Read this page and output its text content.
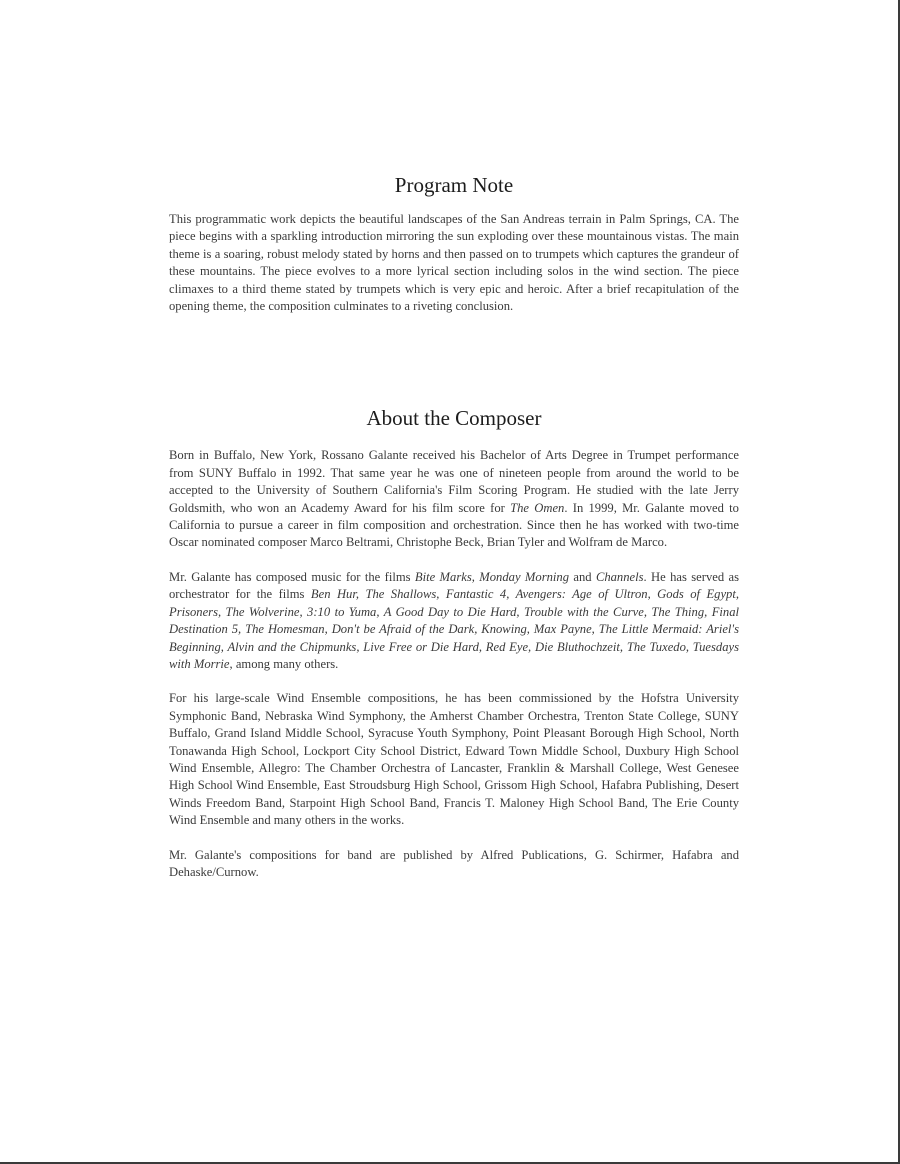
Program Note

This programmatic work depicts the beautiful landscapes of the San Andreas terrain in Palm Springs, CA. The piece begins with a sparkling introduction mirroring the sun exploding over these mountainous vistas. The main theme is a soaring, robust melody stated by horns and then passed on to trumpets which captures the grandeur of these mountains. The piece evolves to a more lyrical section including solos in the wind section. The piece climaxes to a third theme stated by trumpets which is very epic and heroic. After a brief recapitulation of the opening theme, the composition culminates to a riveting conclusion.

About the Composer

Born in Buffalo, New York, Rossano Galante received his Bachelor of Arts Degree in Trumpet performance from SUNY Buffalo in 1992. That same year he was one of nineteen people from around the world to be accepted to the University of Southern California's Film Scoring Program. He studied with the late Jerry Goldsmith, who won an Academy Award for his film score for The Omen. In 1999, Mr. Galante moved to California to pursue a career in film composition and orchestration. Since then he has worked with two-time Oscar nominated composer Marco Beltrami, Christophe Beck, Brian Tyler and Wolfram de Marco.

Mr. Galante has composed music for the films Bite Marks, Monday Morning and Channels. He has served as orchestrator for the films Ben Hur, The Shallows, Fantastic 4, Avengers: Age of Ultron, Gods of Egypt, Prisoners, The Wolverine, 3:10 to Yuma, A Good Day to Die Hard, Trouble with the Curve, The Thing, Final Destination 5, The Homesman, Don't be Afraid of the Dark, Knowing, Max Payne, The Little Mermaid: Ariel's Beginning, Alvin and the Chipmunks, Live Free or Die Hard, Red Eye, Die Bluthochzeit, The Tuxedo, Tuesdays with Morrie, among many others.

For his large-scale Wind Ensemble compositions, he has been commissioned by the Hofstra University Symphonic Band, Nebraska Wind Symphony, the Amherst Chamber Orchestra, Trenton State College, SUNY Buffalo, Grand Island Middle School, Syracuse Youth Symphony, Point Pleasant Borough High School, North Tonawanda High School, Lockport City School District, Edward Town Middle School, Duxbury High School Wind Ensemble, Allegro: The Chamber Orchestra of Lancaster, Franklin & Marshall College, West Genesee High School Wind Ensemble, East Stroudsburg High School, Grissom High School, Hafabra Publishing, Desert Winds Freedom Band, Starpoint High School Band, Francis T. Maloney High School Band, The Erie County Wind Ensemble and many others in the works.

Mr. Galante's compositions for band are published by Alfred Publications, G. Schirmer, Hafabra and Dehaske/Curnow.
